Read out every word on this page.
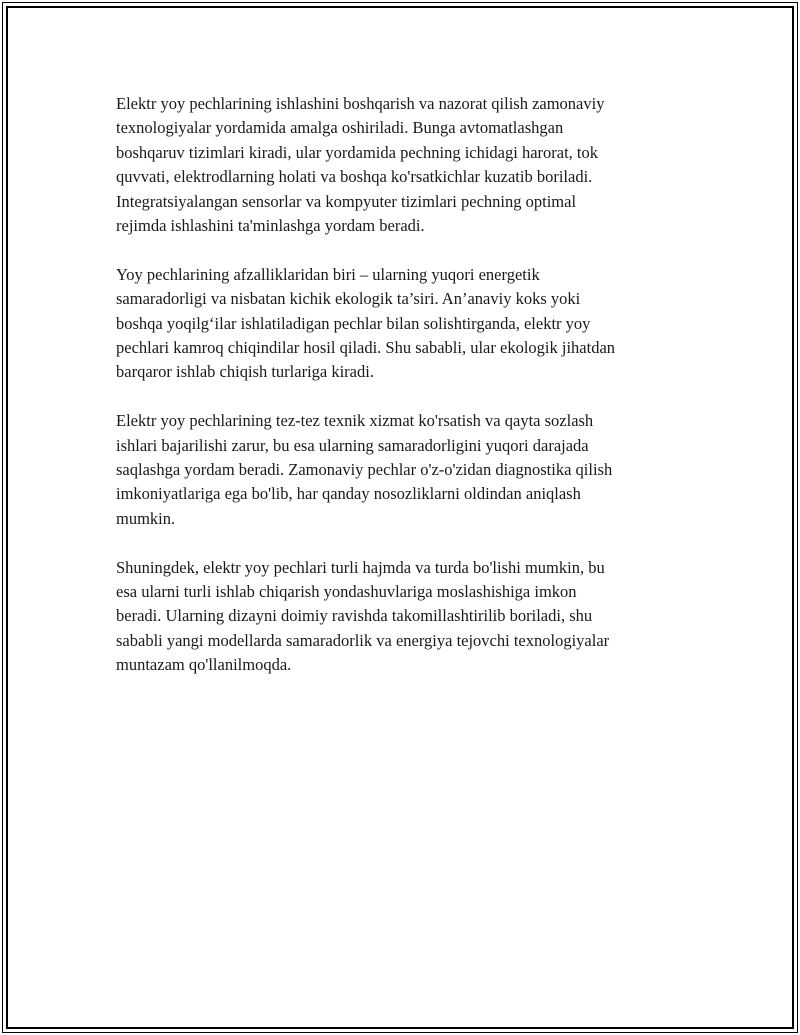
Elektr yoy pechlarining ishlashini boshqarish va nazorat qilish zamonaviy
texnologiyalar yordamida amalga oshiriladi. Bunga avtomatlashgan
boshqaruv tizimlari kiradi, ular yordamida pechning ichidagi harorat, tok
quvvati, elektrodlarning holati va boshqa ko'rsatkichlar kuzatib boriladi.
Integratsiyalangan sensorlar va kompyuter tizimlari pechning optimal
rejimda ishlashini ta'minlashga yordam beradi.

Yoy pechlarining afzalliklaridan biri – ularning yuqori energetik
samaradorligi va nisbatan kichik ekologik ta’siri. An’anaviy koks yoki
boshqa yoqilg‘ilar ishlatiladigan pechlar bilan solishtirganda, elektr yoy
pechlari kamroq chiqindilar hosil qiladi. Shu sababli, ular ekologik jihatdan
barqaror ishlab chiqish turlariga kiradi.

Elektr yoy pechlarining tez-tez texnik xizmat ko'rsatish va qayta sozlash
ishlari bajarilishi zarur, bu esa ularning samaradorligini yuqori darajada
saqlashga yordam beradi. Zamonaviy pechlar o'z-o'zidan diagnostika qilish
imkoniyatlariga ega bo'lib, har qanday nosozliklarni oldindan aniqlash
mumkin.

Shuningdek, elektr yoy pechlari turli hajmda va turda bo'lishi mumkin, bu
esa ularni turli ishlab chiqarish yondashuvlariga moslashishiga imkon
beradi. Ularning dizayni doimiy ravishda takomillashtirilib boriladi, shu
sababli yangi modellarda samaradorlik va energiya tejovchi texnologiyalar
muntazam qo'llanilmoqda.
